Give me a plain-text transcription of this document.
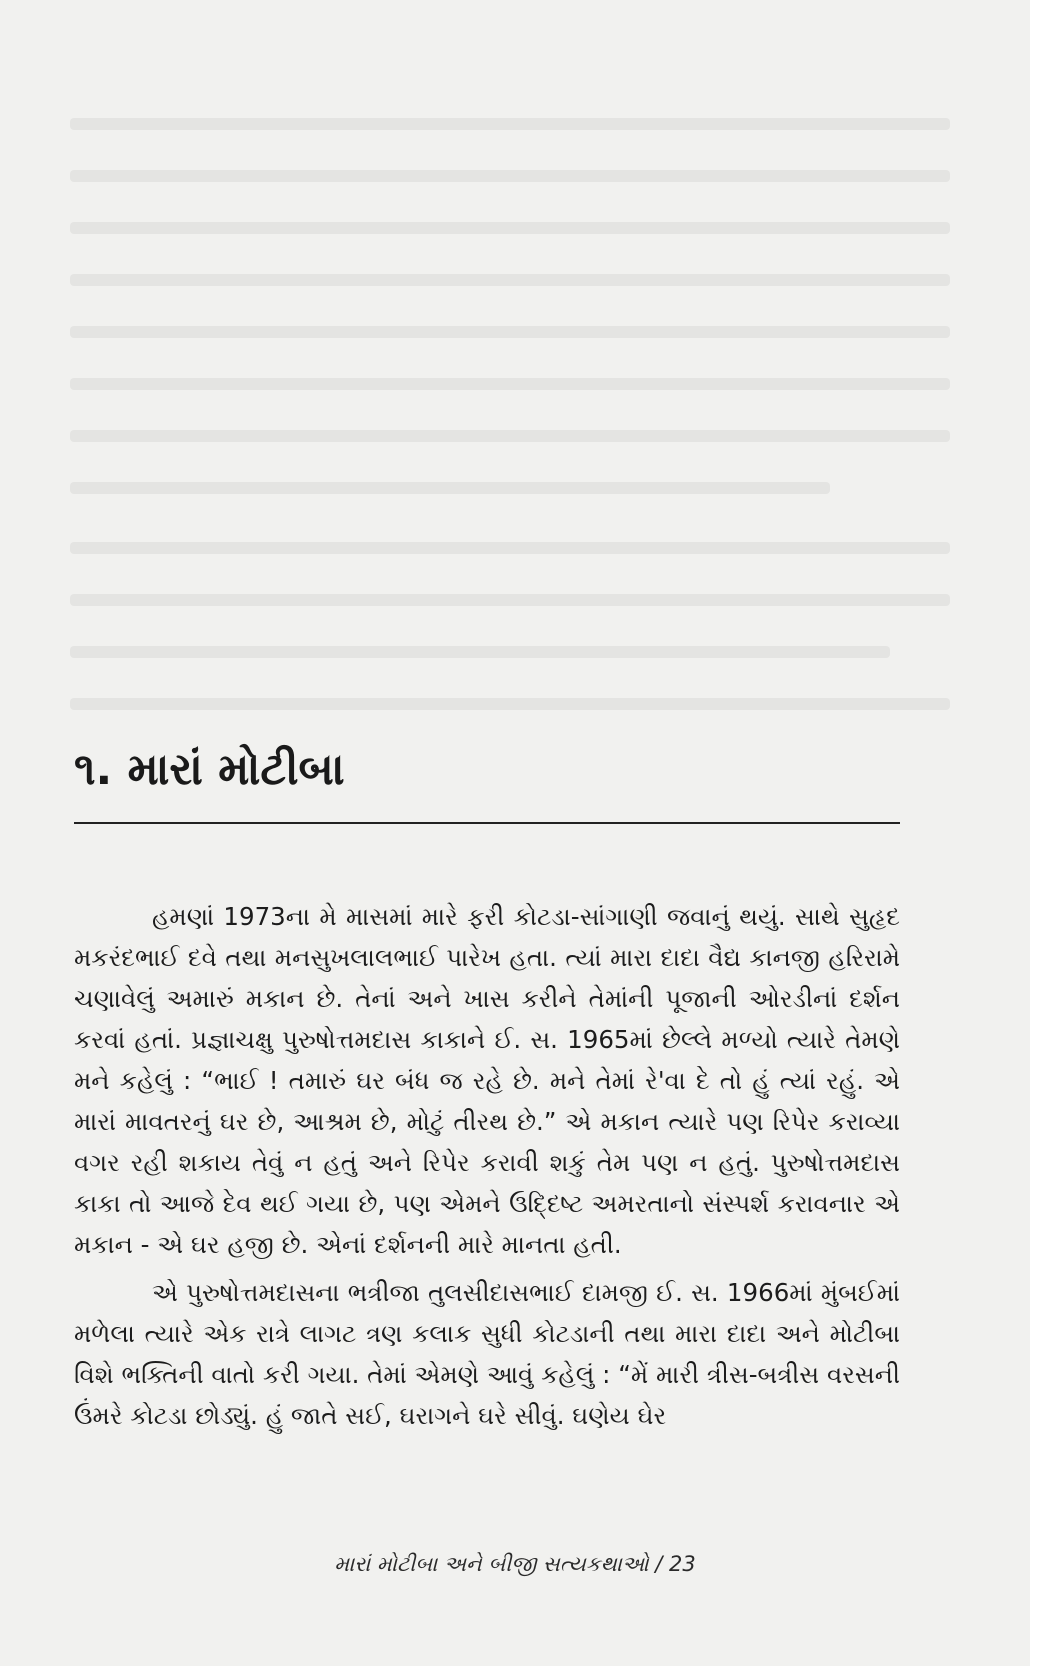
૧. મારાં મોટીબા

હમણાં 1973ના મે માસમાં મારે ફરી કોટડા-સાંગાણી જવાનું થયું. સાથે સુહૃદ મકરંદભાઈ દવે તથા મનસુખલાલભાઈ પારેખ હતા. ત્યાં મારા દાદા વૈદ્ય કાનજી હરિરામે ચણાવેલું અમારું મકાન છે. તેનાં અને ખાસ કરીને તેમાંની પૂજાની ઓરડીનાં દર્શન કરવાં હતાં. પ્રજ્ઞાચક્ષુ પુરુષોત્તમદાસ કાકાને ઈ. સ. 1965માં છેલ્લે મળ્યો ત્યારે તેમણે મને કહેલું : “ભાઈ ! તમારું ઘર બંધ જ રહે છે. મને તેમાં રે'વા દે તો હું ત્યાં રહું. એ મારાં માવતરનું ઘર છે, આશ્રમ છે, મોટું તીરથ છે.” એ મકાન ત્યારે પણ રિપેર કરાવ્યા વગર રહી શકાય તેવું ન હતું અને રિપેર કરાવી શકું તેમ પણ ન હતું. પુરુષોત્તમદાસ કાકા તો આજે દેવ થઈ ગયા છે, પણ એમને ઉદ્દિષ્ટ અમરતાનો સંસ્પર્શ કરાવનાર એ મકાન - એ ઘર હજી છે. એનાં દર્શનની મારે માનતા હતી.

એ પુરુષોત્તમદાસના ભત્રીજા તુલસીદાસભાઈ દામજી ઈ. સ. 1966માં મુંબઈમાં મળેલા ત્યારે એક રાત્રે લાગટ ત્રણ કલાક સુધી કોટડાની તથા મારા દાદા અને મોટીબા વિશે ભક્તિની વાતો કરી ગયા. તેમાં એમણે આવું કહેલું : “મેં મારી ત્રીસ-બત્રીસ વરસની ઉંમરે કોટડા છોડ્યું. હું જાતે સઈ, ઘરાગને ઘરે સીવું. ઘણેય ઘેર

મારાં મોટીબા અને બીજી સત્યકથાઓ / 23
